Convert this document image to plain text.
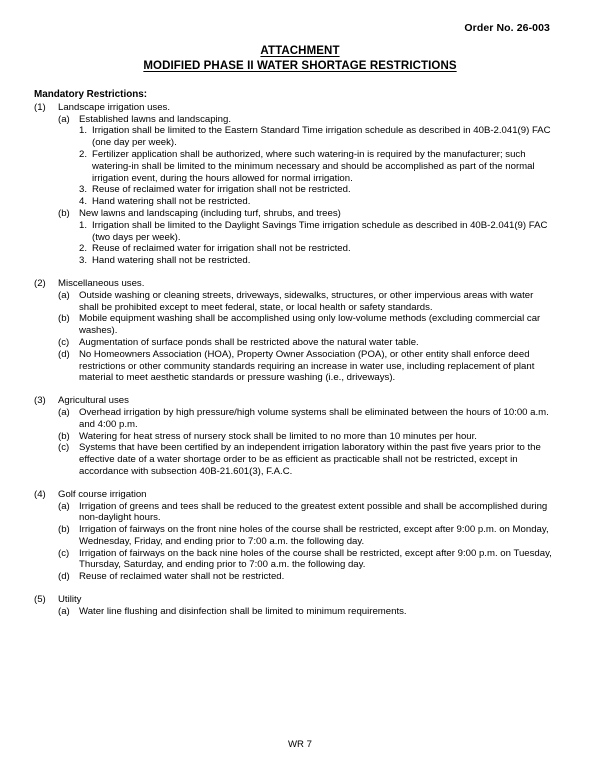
Order No. 26-003
ATTACHMENT
MODIFIED PHASE II WATER SHORTAGE RESTRICTIONS
Mandatory Restrictions:
(1) Landscape irrigation uses.
(a) Established lawns and landscaping.
1. Irrigation shall be limited to the Eastern Standard Time irrigation schedule as described in 40B-2.041(9) FAC (one day per week).
2. Fertilizer application shall be authorized, where such watering-in is required by the manufacturer; such watering-in shall be limited to the minimum necessary and should be accomplished as part of the normal irrigation event, during the hours allowed for normal irrigation.
3. Reuse of reclaimed water for irrigation shall not be restricted.
4. Hand watering shall not be restricted.
(b) New lawns and landscaping (including turf, shrubs, and trees)
1. Irrigation shall be limited to the Daylight Savings Time irrigation schedule as described in 40B-2.041(9) FAC (two days per week).
2. Reuse of reclaimed water for irrigation shall not be restricted.
3. Hand watering shall not be restricted.
(2) Miscellaneous uses.
(a) Outside washing or cleaning streets, driveways, sidewalks, structures, or other impervious areas with water shall be prohibited except to meet federal, state, or local health or safety standards.
(b) Mobile equipment washing shall be accomplished using only low-volume methods (excluding commercial car washes).
(c) Augmentation of surface ponds shall be restricted above the natural water table.
(d) No Homeowners Association (HOA), Property Owner Association (POA), or other entity shall enforce deed restrictions or other community standards requiring an increase in water use, including replacement of plant material to meet aesthetic standards or pressure washing (i.e., driveways).
(3) Agricultural uses
(a) Overhead irrigation by high pressure/high volume systems shall be eliminated between the hours of 10:00 a.m. and 4:00 p.m.
(b) Watering for heat stress of nursery stock shall be limited to no more than 10 minutes per hour.
(c) Systems that have been certified by an independent irrigation laboratory within the past five years prior to the effective date of a water shortage order to be as efficient as practicable shall not be restricted, except in accordance with subsection 40B-21.601(3), F.A.C.
(4) Golf course irrigation
(a) Irrigation of greens and tees shall be reduced to the greatest extent possible and shall be accomplished during non-daylight hours.
(b) Irrigation of fairways on the front nine holes of the course shall be restricted, except after 9:00 p.m. on Monday, Wednesday, Friday, and ending prior to 7:00 a.m. the following day.
(c) Irrigation of fairways on the back nine holes of the course shall be restricted, except after 9:00 p.m. on Tuesday, Thursday, Saturday, and ending prior to 7:00 a.m. the following day.
(d) Reuse of reclaimed water shall not be restricted.
(5) Utility
(a) Water line flushing and disinfection shall be limited to minimum requirements.
WR 7
